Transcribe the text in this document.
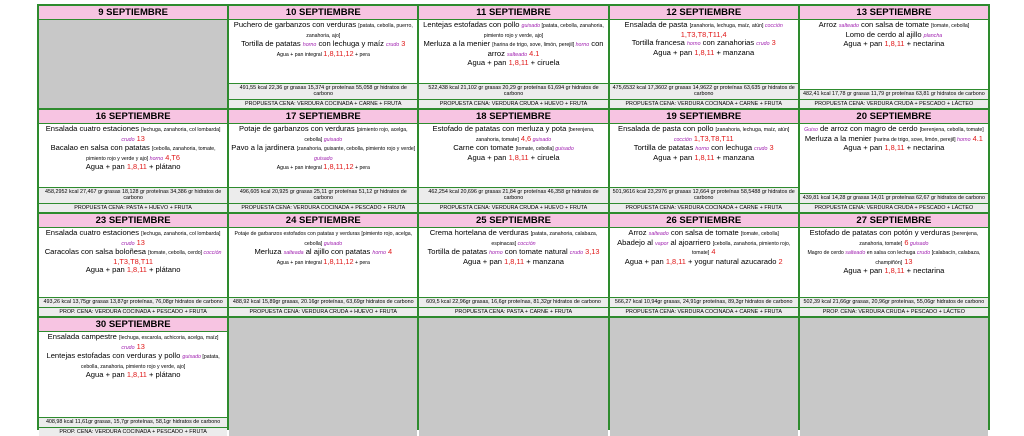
9 SEPTIEMBRE	10 SEPTIEMBRE

Puchero de garbanzos con verduras [patata, cebolla, puerro, zanahoria, ajo]

Tortilla de patatas horno con lechuga y maíz crudo 3

Agua + pan integral 1,8,11,12 + pera

491,55 kcal 22,36 gr grasas 15,374 gr proteínas 55,058 gr hidratos de carbono
PROPUESTA CENA: VERDURA COCINADA + CARNE + FRUTA
11 SEPTIEMBRE

Lentejas estofadas con pollo guisado [patata, cebolla, zanahoria, pimiento rojo y verde, ajo]

Merluza a la menier [harina de trigo, sove, limón, perejil] horno con arroz salteado 4.1

Agua + pan 1,8,11 + ciruela

522,438 kcal 21,102 gr grasas 20,29 gr proteínas 61,694 gr hidratos de carbono
PROPUESTA CENA: VERDURA CRUDA + HUEVO + FRUTA
12 SEPTIEMBRE

Ensalada de pasta [zanahoria, lechuga, maíz, atún] cocción 1,T3,T8,T11,4

Tortilla francesa horno con zanahorias crudo 3

Agua + pan 1,8,11 + manzana

475,6532 kcal 17,3602 gr grasas 14,9622 gr proteínas 63,635 gr hidratos de carbono
PROPUESTA CENA: VERDURA COCINADA + CARNE + FRUTA
13 SEPTIEMBRE

Arroz salteado con salsa de tomate [tomate, cebolla]

Lomo de cerdo al ajillo plancha

Agua + pan 1,8,11 + nectarina

482,41 kcal 17,78 gr grasas 11,79 gr proteínas 63,81 gr hidratos de carbono
PROPUESTA CENA: VERDURA CRUDA + PESCADO + LÁCTEO
16 SEPTIEMBRE

Ensalada cuatro estaciones [lechuga, zanahoria, col lombarda] crudo 13

Bacalao en salsa con patatas [cebolla, zanahoria, tomate, pimiento rojo y verde y ajo] horno 4,T6

Agua + pan 1,8,11 + plátano

458,2952 kcal 27,467 gr grasas 18,128 gr proteínas 34,386 gr hidratos de carbono
PROPUESTA CENA: PASTA + HUEVO + FRUTA
17 SEPTIEMBRE

Potaje de garbanzos con verduras [pimiento rojo, acelga, cebolla] guisado

Pavo a la jardinera [zanahoria, guisante, cebolla, pimiento rojo y verde] guisado

Agua + pan integral 1,8,11,12 + pera

496,605 kcal 20,925 gr grasas 25,11 gr proteínas 51,12 gr hidratos de carbono
PROPUESTA CENA: VERDURA COCINADA + PESCADO + FRUTA
18 SEPTIEMBRE

Estofado de patatas con merluza y pota [berenjena, zanahoria, tomate] 4,6 guisado

Carne con tomate [tomate, cebolla] guisado

Agua + pan 1,8,11 + ciruela

462,254 kcal 20,696 gr grasas 21,84 gr proteínas 46,358 gr hidratos de carbono
PROPUESTA CENA: VERDURA CRUDA + HUEVO + FRUTA
19 SEPTIEMBRE

Ensalada de pasta con pollo [zanahoria, lechuga, maíz, atún] cocción 1,T3,T8,T11

Tortilla de patatas horno con lechuga crudo 3

Agua + pan 1,8,11 + manzana

501,9616 kcal 23,2976 gr grasas 12,664 gr proteínas 58,5488 gr hidratos de carbono
PROPUESTA CENA: VERDURA COCINADA + CARNE + FRUTA
20 SEPTIEMBRE

Guiso de arroz con magro de cerdo [berenjena, cebolla, tomate]

Merluza a la menier [harina de trigo, sove, limón, perejil] horno 4.1

Agua + pan 1,8,11 + nectarina

439,81 kcal 14,28 gr grasas 14,01 gr proteínas 62,67 gr hidratos de carbono
PROPUESTA CENA: VERDURA CRUDA + PESCADO + LÁCTEO
23 SEPTIEMBRE

Ensalada cuatro estaciones [lechuga, zanahoria, col lombarda] crudo 13

Caracolas con salsa boloñesa [tomate, cebolla, cerdo] cocción 1,T3,T8,T11

Agua + pan 1,8,11 + plátano

493,26 kcal 13,75gr grasas 13,87gr proteínas, 76,08gr hidratos de carbono
PROP. CENA: VERDURA COCINADA + PESCADO + FRUTA
24 SEPTIEMBRE

Potaje de garbanzos estofados con patatas y verduras [pimiento rojo, acelga, cebolla] guisado

Merluza salteada al ajillo con patatas horno 4

Agua + pan integral 1,8,11,12 + pera

488,92 kcal 15,89gr grasas, 20.16gr proteínas, 63,69gr hidratos de carbono
PROPUESTA CENA: VERDURA CRUDA + HUEVO + FRUTA
25 SEPTIEMBRE

Crema hortelana de verduras [patata, zanahoria, calabaza, espinacas] cocción

Tortilla de patatas horno con tomate natural crudo 3,13

Agua + pan 1,8,11 + manzana

609,5 kcal 22,96gr grasas, 16,6gr proteínas, 81,32gr hidratos de carbono
PROPUESTA CENA: PASTA + CARNE + FRUTA
26 SEPTIEMBRE

Arroz salteado con salsa de tomate [tomate, cebolla]

Abadejo al vapor al ajoarriero [cebolla, zanahoria, pimiento rojo, tomate] 4

Agua + pan 1,8,11 + yogur natural azucarado 2

566,27 kcal 10,94gr grasas, 24,91gr proteínas, 89,3gr hidratos de carbono
PROPUESTA CENA: VERDURA COCINADA + CARNE + FRUTA
27 SEPTIEMBRE

Estofado de patatas con potón y verduras [berenjena, zanahoria, tomate] 6 guisado

Magro de cerdo salteado en salsa con lechuga crudo [calabacín, calabaza, champiñón] 13

Agua + pan 1,8,11 + nectarina

502,39 kcal 21,66gr grasas, 20,96gr proteínas, 55,06gr hidratos de carbono
PROP. CENA: VERDURA CRUDA + PESCADO + LÁCTEO
30 SEPTIEMBRE

Ensalada campestre [lechuga, escarola, achicoria, acelga, maíz] crudo 13

Lentejas estofadas con verduras y pollo guisado [patata, cebolla, zanahoria, pimiento rojo y verde, ajo]

Agua + pan 1,8,11 + plátano

408,98 kcal 11,61gr grasas, 15,7gr proteínas, 58,1gr hidratos de carbono
PROP. CENA: VERDURA COCINADA + PESCADO + FRUTA
